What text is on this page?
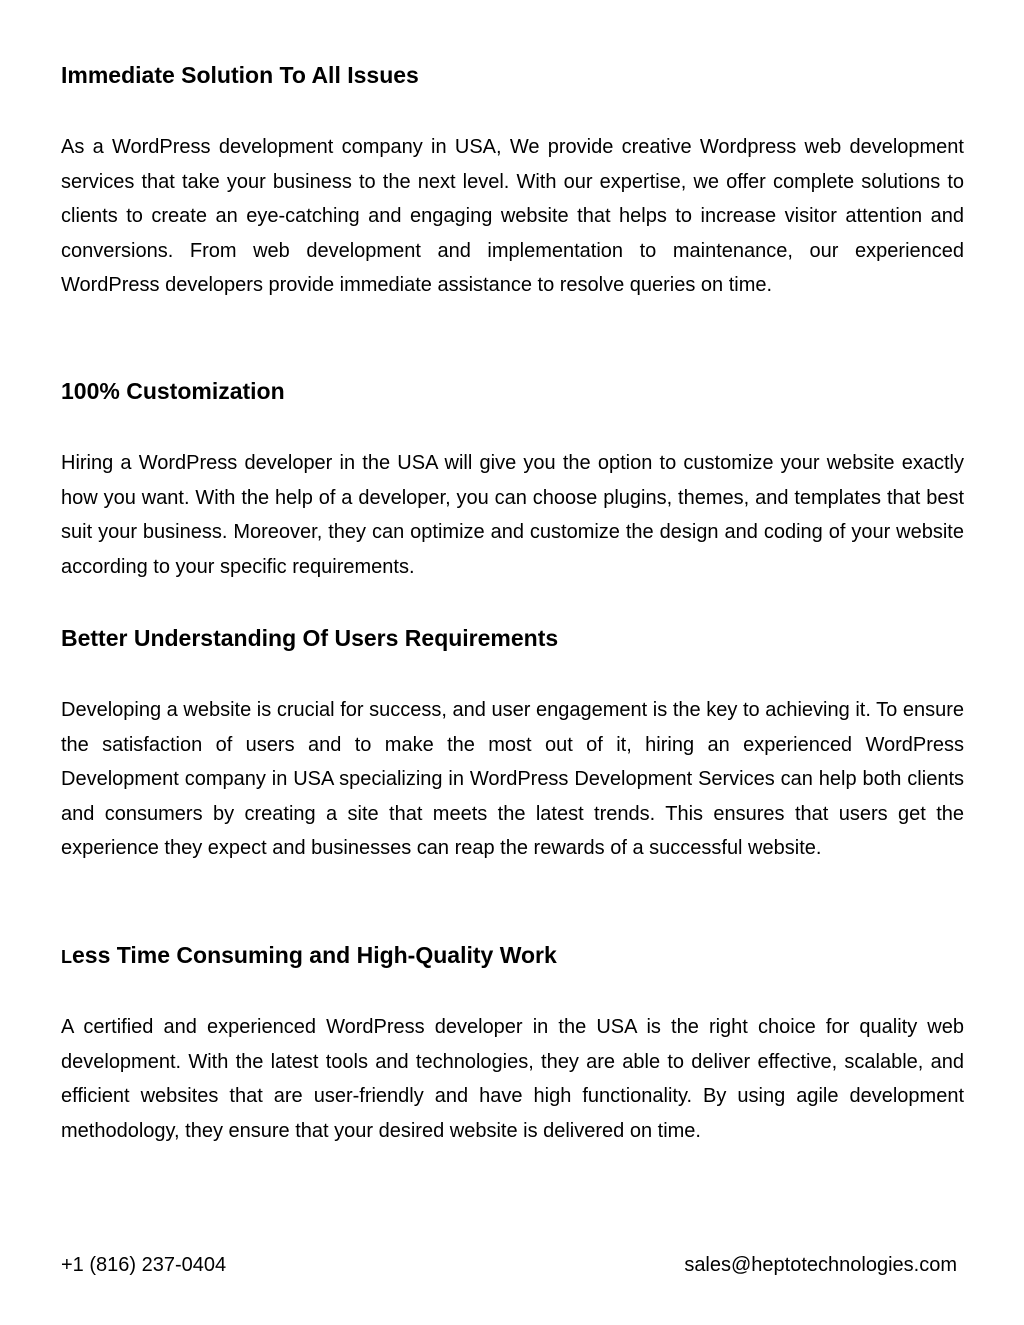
Immediate Solution To All Issues

As a WordPress development company in USA, We provide creative Wordpress web development services that take your business to the next level. With our expertise, we offer complete solutions to clients to create an eye-catching and engaging website that helps to increase visitor attention and conversions. From web development and implementation to maintenance, our experienced WordPress developers provide immediate assistance to resolve queries on time.

100% Customization

Hiring a WordPress developer in the USA will give you the option to customize your website exactly how you want. With the help of a developer, you can choose plugins, themes, and templates that best suit your business. Moreover, they can optimize and customize the design and coding of your website according to your specific requirements.

Better Understanding Of Users Requirements

Developing a website is crucial for success, and user engagement is the key to achieving it. To ensure the satisfaction of users and to make the most out of it, hiring an experienced WordPress Development company in USA specializing in WordPress Development Services can help both clients and consumers by creating a site that meets the latest trends. This ensures that users get the experience they expect and businesses can reap the rewards of a successful website.

Less Time Consuming and High-Quality Work

A certified and experienced WordPress developer in the USA is the right choice for quality web development. With the latest tools and technologies, they are able to deliver effective, scalable, and efficient websites that are user-friendly and have high functionality. By using agile development methodology, they ensure that your desired website is delivered on time.

+1 (816) 237-0404	sales@heptotechnologies.com
